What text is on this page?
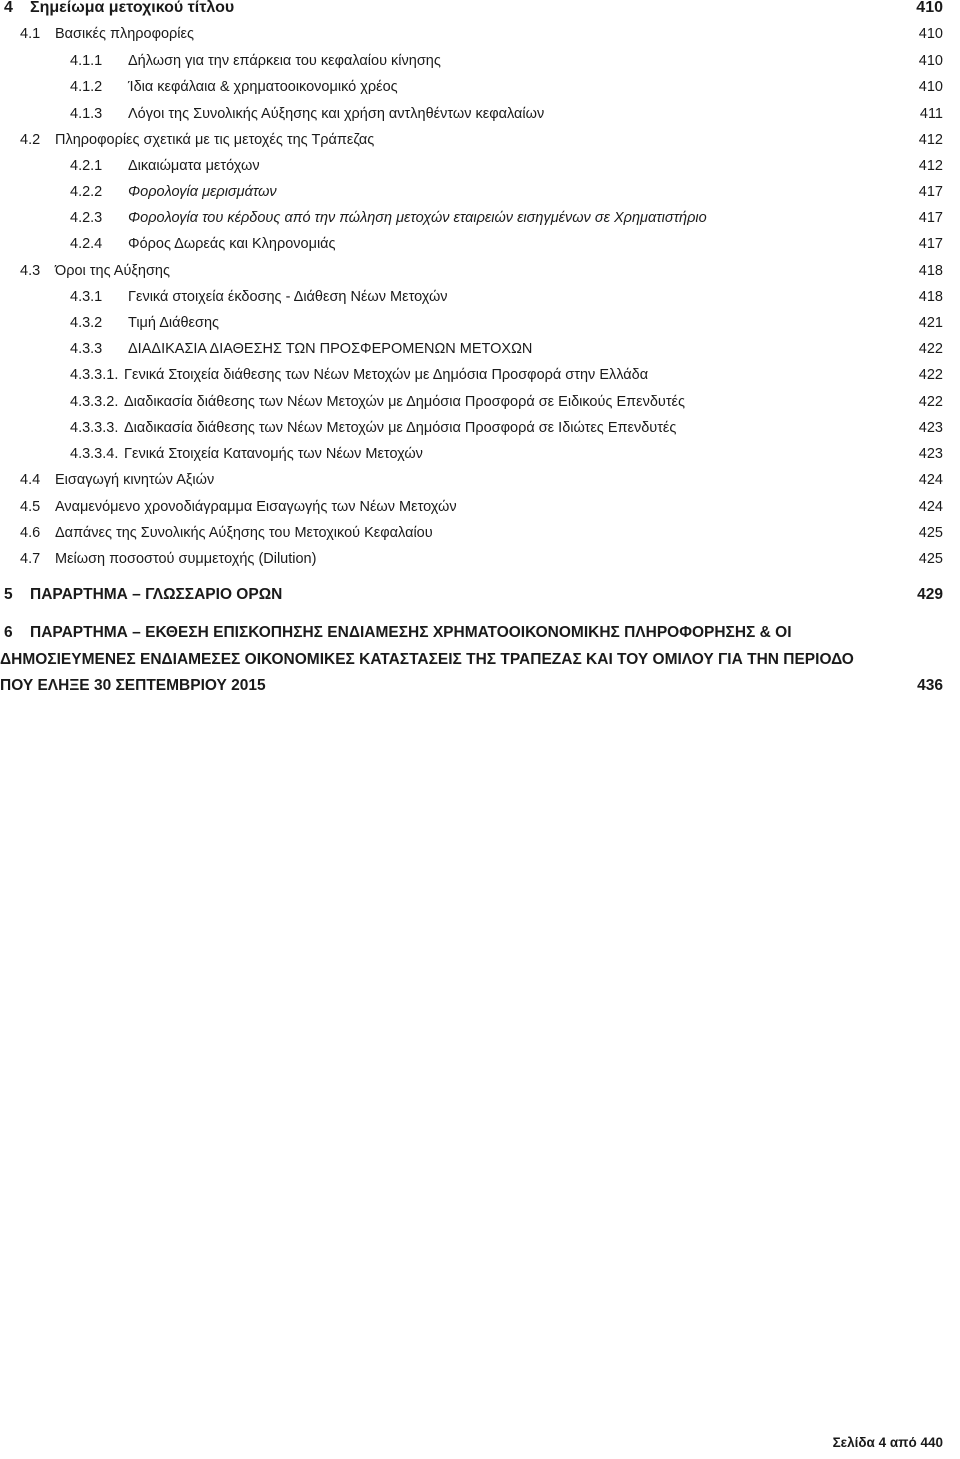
4 Σημείωμα μετοχικού τίτλου	410
4.1 Βασικές πληροφορίες	410
4.1.1 Δήλωση για την επάρκεια του κεφαλαίου κίνησης	410
4.1.2 Ίδια κεφάλαια & χρηματοοικονομικό χρέος	410
4.1.3 Λόγοι της Συνολικής Αύξησης και χρήση αντληθέντων κεφαλαίων	411
4.2 Πληροφορίες σχετικά με τις μετοχές της Τράπεζας	412
4.2.1 Δικαιώματα μετόχων	412
4.2.2 Φορολογία μερισμάτων	417
4.2.3 Φορολογία του κέρδους από την πώληση μετοχών εταιρειών εισηγμένων σε Χρηματιστήριο	417
4.2.4 Φόρος Δωρεάς και Κληρονομιάς	417
4.3 Όροι της Αύξησης	418
4.3.1 Γενικά στοιχεία έκδοσης - Διάθεση Νέων Μετοχών	418
4.3.2 Τιμή Διάθεσης	421
4.3.3 ΔΙΑΔΙΚΑΣΙΑ ΔΙΑΘΕΣΗΣ ΤΩΝ ΠΡΟΣΦΕΡΟΜΕΝΩΝ ΜΕΤΟΧΩΝ	422
4.3.3.1. Γενικά Στοιχεία διάθεσης των Νέων Μετοχών με Δημόσια Προσφορά στην Ελλάδα	422
4.3.3.2. Διαδικασία διάθεσης των Νέων Μετοχών με Δημόσια Προσφορά σε Ειδικούς Επενδυτές	422
4.3.3.3. Διαδικασία διάθεσης των Νέων Μετοχών με Δημόσια Προσφορά σε Ιδιώτες Επενδυτές	423
4.3.3.4. Γενικά Στοιχεία Κατανομής των Νέων Μετοχών	423
4.4 Εισαγωγή κινητών Αξιών	424
4.5 Αναμενόμενο χρονοδιάγραμμα Εισαγωγής των Νέων Μετοχών	424
4.6 Δαπάνες της Συνολικής Αύξησης του Μετοχικού Κεφαλαίου	425
4.7 Μείωση ποσοστού συμμετοχής (Dilution)	425
5 ΠΑΡΑΡΤΗΜΑ – ΓΛΩΣΣΑΡΙΟ ΟΡΩΝ	429
6 ΠΑΡΑΡΤΗΜΑ – ΕΚΘΕΣΗ ΕΠΙΣΚΟΠΗΣΗΣ ΕΝΔΙΑΜΕΣΗΣ ΧΡΗΜΑΤΟΟΙΚΟΝΟΜΙΚΗΣ ΠΛΗΡΟΦΟΡΗΣΗΣ & ΟΙ
ΔΗΜΟΣΙΕΥΜΕΝΕΣ ΕΝΔΙΑΜΕΣΕΣ ΟΙΚΟΝΟΜΙΚΕΣ ΚΑΤΑΣΤΑΣΕΙΣ ΤΗΣ ΤΡΑΠΕΖΑΣ ΚΑΙ ΤΟΥ ΟΜΙΛΟΥ ΓΙΑ ΤΗΝ ΠΕΡΙΟΔΟ
ΠΟΥ ΕΛΗΞΕ 30 ΣΕΠΤΕΜΒΡΙΟΥ 2015	436
Σελίδα 4 από 440
